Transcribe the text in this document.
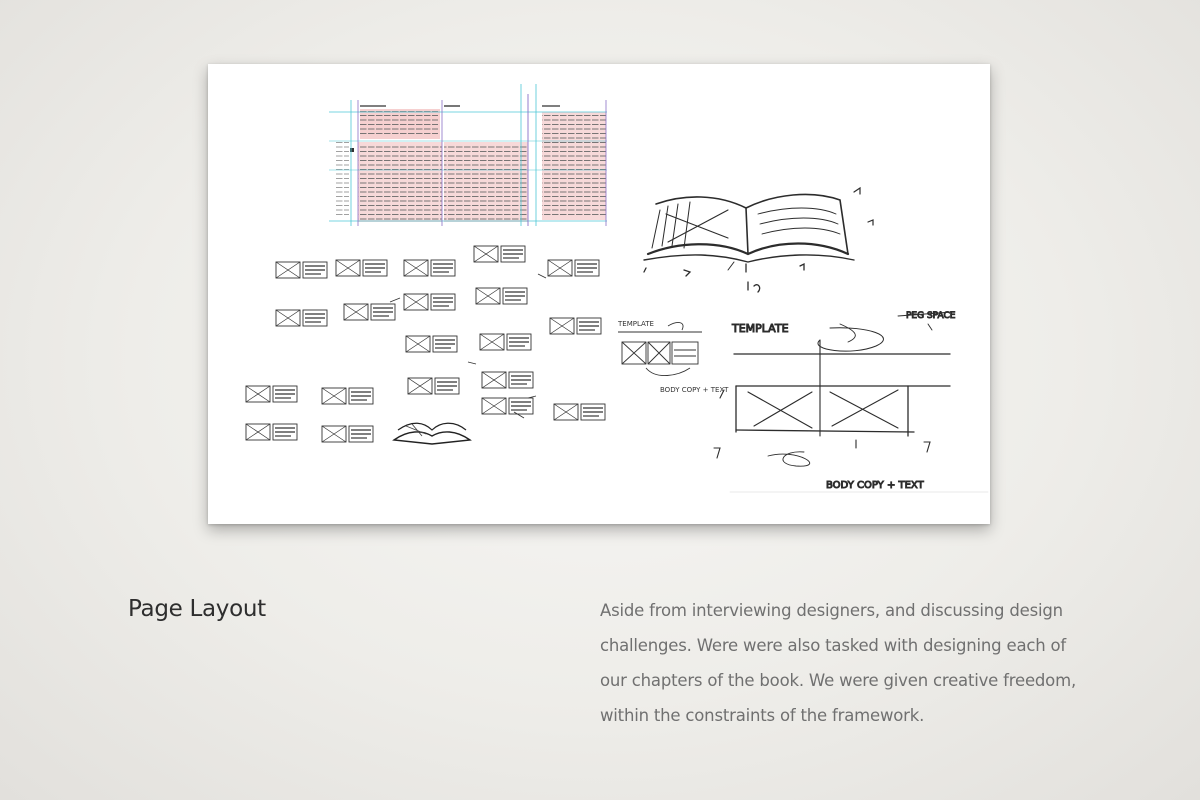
TEMPLATE
PEG SPACE
BODY COPY + TEXT
TEMPLATE
BODY COPY + TEXT
Page Layout	Aside from interviewing designers, and discussing design
challenges. Were were also tasked with designing each of
our chapters of the book. We were given creative freedom,
within the constraints of the framework.
